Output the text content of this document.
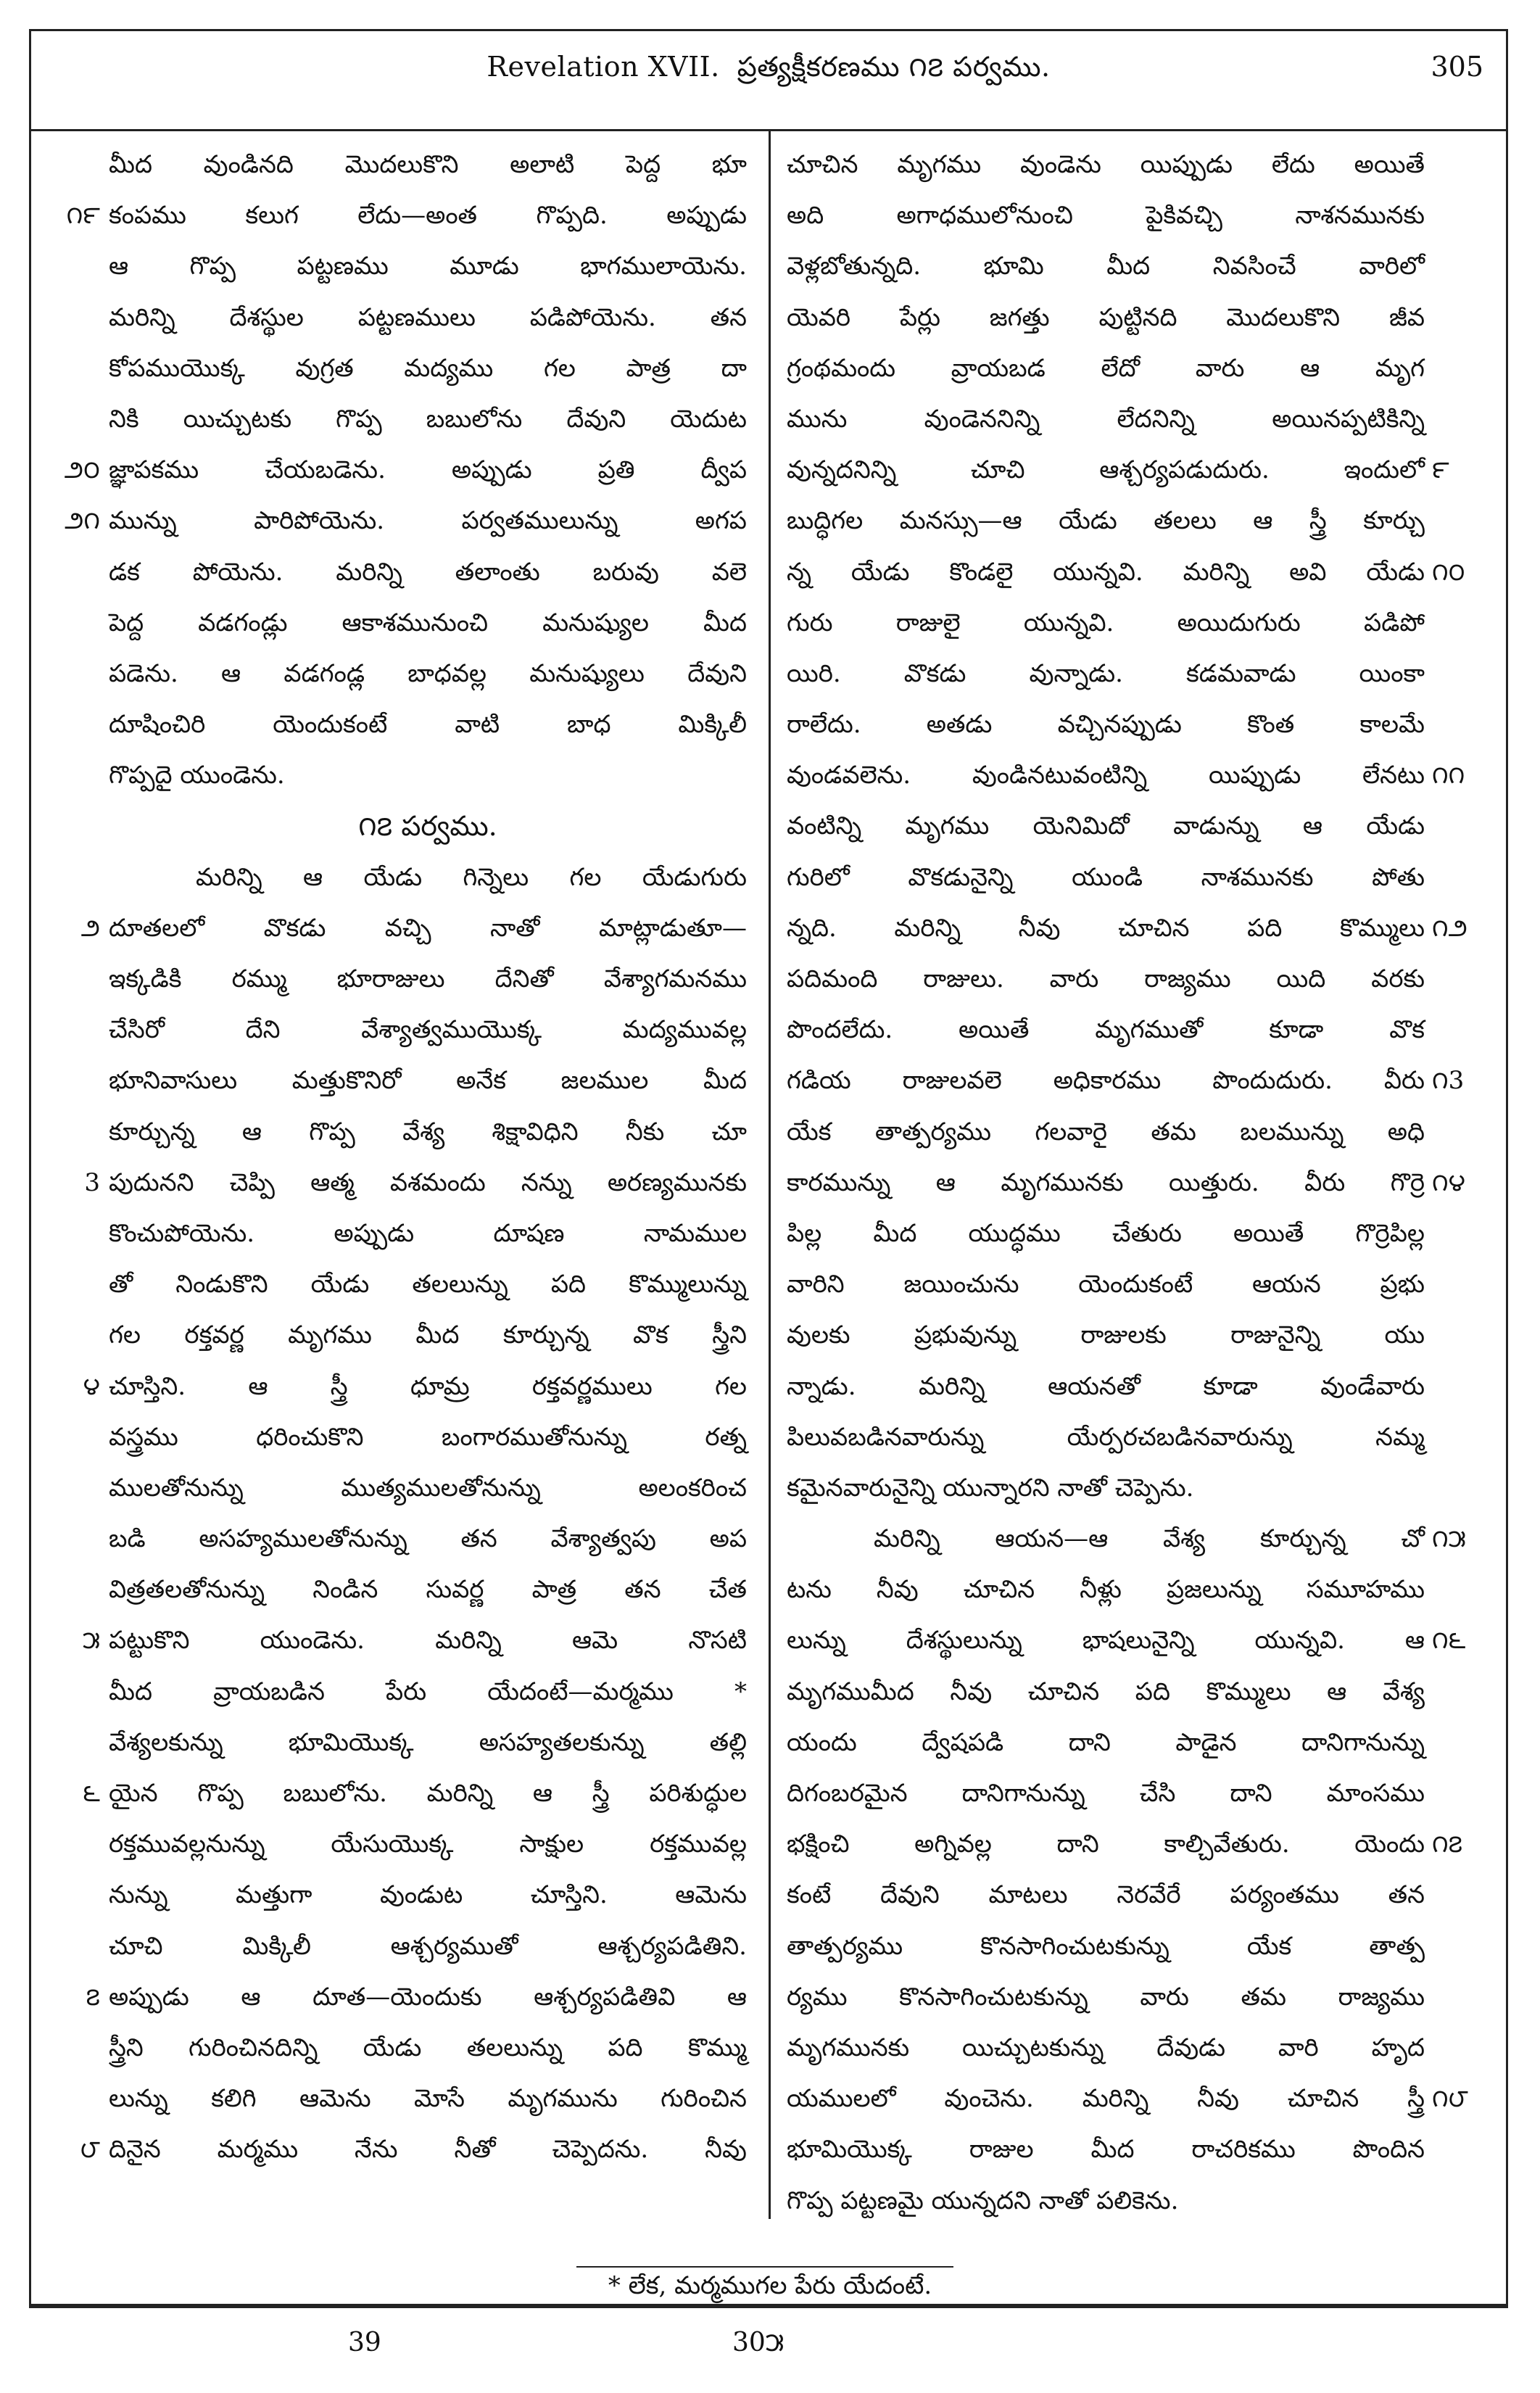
Revelation XVII. ప్రత్యక్షీకరణము ౧౭ పర్వము.	305
మీద వుండినది మొదలుకొని అలాటి పెద్ద భూ
కంపము కలుగ లేదు—అంత గొప్పది. అప్పుడు
౧౯
ఆ గొప్ప పట్టణము మూడు భాగములాయెను.
మరిన్ని దేశస్థుల పట్టణములు పడిపోయెను. తన
కోపముయొక్క వుగ్రత మద్యము గల పాత్ర దా
నికి యిచ్చుటకు గొప్ప బబులోను దేవుని యెదుట
జ్ఞాపకము చేయబడెను. అప్పుడు ప్రతి ద్వీప
౨౦
మున్ను పారిపోయెను. పర్వతములున్ను అగప
౨౧
డక పోయెను. మరిన్ని తలాంతు బరువు వలె
పెద్ద వడగండ్లు ఆకాశమునుంచి మనుష్యుల మీద
పడెను. ఆ వడగండ్ల బాధవల్ల మనుష్యులు దేవుని
దూషించిరి యెందుకంటే వాటి బాధ మిక్కిలీ
గొప్పదై యుండెను.
౧౭ పర్వము.
మరిన్ని ఆ యేడు గిన్నెలు గల యేడుగురు
దూతలలో వొకడు వచ్చి నాతో మాట్లాడుతూ—
౨
ఇక్కడికి రమ్ము భూరాజులు దేనితో వేశ్యాగమనము
చేసిరో దేని వేశ్యాత్వముయొక్క మద్యమువల్ల
భూనివాసులు మత్తుకొనిరో అనేక జలముల మీద
కూర్చున్న ఆ గొప్ప వేశ్య శిక్షావిధిని నీకు చూ
పుదునని చెప్పి ఆత్మ వశమందు నన్ను అరణ్యమునకు
3
కొంచుపోయెను. అప్పుడు దూషణ నామముల
తో నిండుకొని యేడు తలలున్ను పది కొమ్ములున్ను
గల రక్తవర్ణ మృగము మీద కూర్చున్న వొక స్త్రీని
చూస్తిని. ఆ స్త్రీ ధూమ్ర రక్తవర్ణములు గల
౪
వస్త్రము ధరించుకొని బంగారముతోనున్ను రత్న
ములతోనున్ను ముత్యములతోనున్ను అలంకరించ
బడి అసహ్యములతోనున్ను తన వేశ్యాత్వపు అప
విత్రతలతోనున్ను నిండిన సువర్ణ పాత్ర తన చేత
పట్టుకొని యుండెను. మరిన్ని ఆమె నొసటి
౫
మీద వ్రాయబడిన పేరు యేదంటే—మర్మము *
వేశ్యలకున్ను భూమియొక్క అసహ్యతలకున్ను తల్లి
యైన గొప్ప బబులోను. మరిన్ని ఆ స్త్రీ పరిశుద్ధుల
౬
రక్తమువల్లనున్ను యేసుయొక్క సాక్షుల రక్తమువల్ల
నున్ను మత్తుగా వుండుట చూస్తిని. ఆమెను
చూచి మిక్కిలీ ఆశ్చర్యముతో ఆశ్చర్యపడితిని.
అప్పుడు ఆ దూత—యెందుకు ఆశ్చర్యపడితివి ఆ
౭
స్త్రీని గురించినదిన్ని యేడు తలలున్ను పది కొమ్ము
లున్ను కలిగి ఆమెను మోసే మృగమును గురించిన
దినైన మర్మము నేను నీతో చెప్పెదను. నీవు
౮
చూచిన మృగము వుండెను యిప్పుడు లేదు అయితే
అది అగాధములోనుంచి పైకివచ్చి నాశనమునకు
వెళ్లబోతున్నది. భూమి మీద నివసించే వారిలో
యెవరి పేర్లు జగత్తు పుట్టినది మొదలుకొని జీవ
గ్రంథమందు వ్రాయబడ లేదో వారు ఆ మృగ
మును వుండెననిన్ని లేదనిన్ని అయినప్పటికిన్ని
వున్నదనిన్ని చూచి ఆశ్చర్యపడుదురు. ఇందులో ౯
బుద్ధిగల మనస్సు—ఆ యేడు తలలు ఆ స్త్రీ కూర్చు
న్న యేడు కొండలై యున్నవి. మరిన్ని అవి యేడు ౧౦
గురు రాజులై యున్నవి. అయిదుగురు పడిపో
యిరి. వొకడు వున్నాడు. కడమవాడు యింకా
రాలేదు. అతడు వచ్చినప్పుడు కొంత కాలమే
వుండవలెను. వుండినటువంటిన్ని యిప్పుడు లేనటు ౧౧
వంటిన్ని మృగము యెనిమిదో వాడున్ను ఆ యేడు
గురిలో వొకడునైన్ని యుండి నాశమునకు పోతు
న్నది. మరిన్ని నీవు చూచిన పది కొమ్ములు ౧౨
పదిమంది రాజులు. వారు రాజ్యము యిది వరకు
పొందలేదు. అయితే మృగముతో కూడా వొక
గడియ రాజులవలె అధికారము పొందుదురు. వీరు ౧3
యేక తాత్పర్యము గలవారై తమ బలమున్ను అధి
కారమున్ను ఆ మృగమునకు యిత్తురు. వీరు గొర్రె ౧౪
పిల్ల మీద యుద్ధము చేతురు అయితే గొర్రెపిల్ల
వారిని జయించును యెందుకంటే ఆయన ప్రభు
వులకు ప్రభువున్ను రాజులకు రాజునైన్ని యు
న్నాడు. మరిన్ని ఆయనతో కూడా వుండేవారు
పిలువబడినవారున్ను యేర్పరచబడినవారున్ను నమ్మ
కమైనవారునైన్ని యున్నారని నాతో చెప్పెను.
మరిన్ని ఆయన—ఆ వేశ్య కూర్చున్న చో ౧౫
టను నీవు చూచిన నీళ్లు ప్రజలున్ను సమూహము
లున్ను దేశస్థులున్ను భాషలునైన్ని యున్నవి. ఆ ౧౬
మృగముమీద నీవు చూచిన పది కొమ్ములు ఆ వేశ్య
యందు ద్వేషపడి దాని పాడైన దానిగానున్ను
దిగంబరమైన దానిగానున్ను చేసి దాని మాంసము
భక్షించి అగ్నివల్ల దాని కాల్చివేతురు. యెందు ౧౭
కంటే దేవుని మాటలు నెరవేరే పర్యంతము తన
తాత్పర్యము కొనసాగించుటకున్ను యేక తాత్ప
ర్యము కొనసాగించుటకున్ను వారు తమ రాజ్యము
మృగమునకు యిచ్చుటకున్ను దేవుడు వారి హృద
యములలో వుంచెను. మరిన్ని నీవు చూచిన స్త్రీ ౧౮
భూమియొక్క రాజుల మీద రాచరికము పొందిన
గొప్ప పట్టణమై యున్నదని నాతో పలికెను.
* లేక, మర్మముగల పేరు యేదంటే.
39	30౫
